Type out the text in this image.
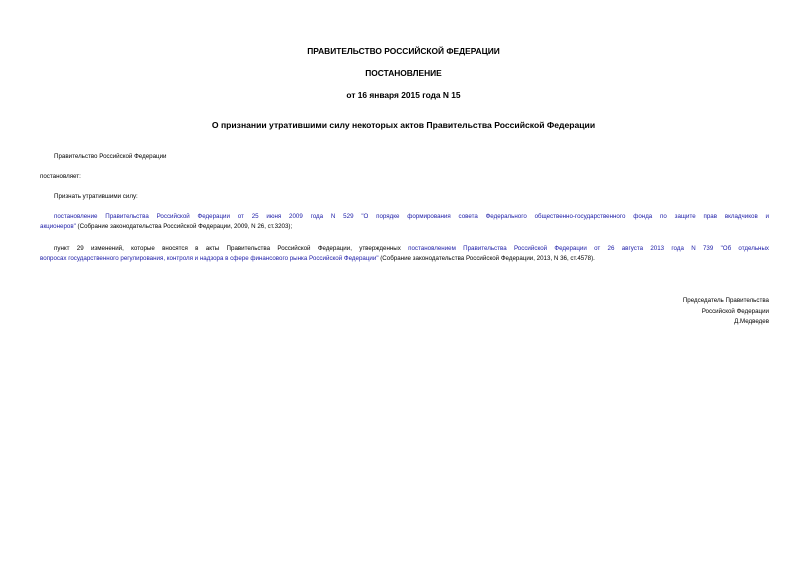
ПРАВИТЕЛЬСТВО РОССИЙСКОЙ ФЕДЕРАЦИИ
ПОСТАНОВЛЕНИЕ
от 16 января 2015 года N 15
О признании утратившими силу некоторых актов Правительства Российской Федерации
Правительство Российской Федерации
постановляет:
Признать утратившими силу:
постановление Правительства Российской Федерации от 25 июня 2009 года N 529 "О порядке формирования совета Федерального общественно-государственного фонда по защите прав вкладчиков и
акционеров" (Собрание законодательства Российской Федерации, 2009, N 26, ст.3203);
пункт 29 изменений, которые вносятся в акты Правительства Российской Федерации, утвержденных постановлением Правительства Российской Федерации от 26 августа 2013 года N 739 "Об отдельных
вопросах государственного регулирования, контроля и надзора в сфере финансового рынка Российской Федерации" (Собрание законодательства Российской Федерации, 2013, N 36, ст.4578).
Председатель Правительства
Российской Федерации
Д.Медведев
